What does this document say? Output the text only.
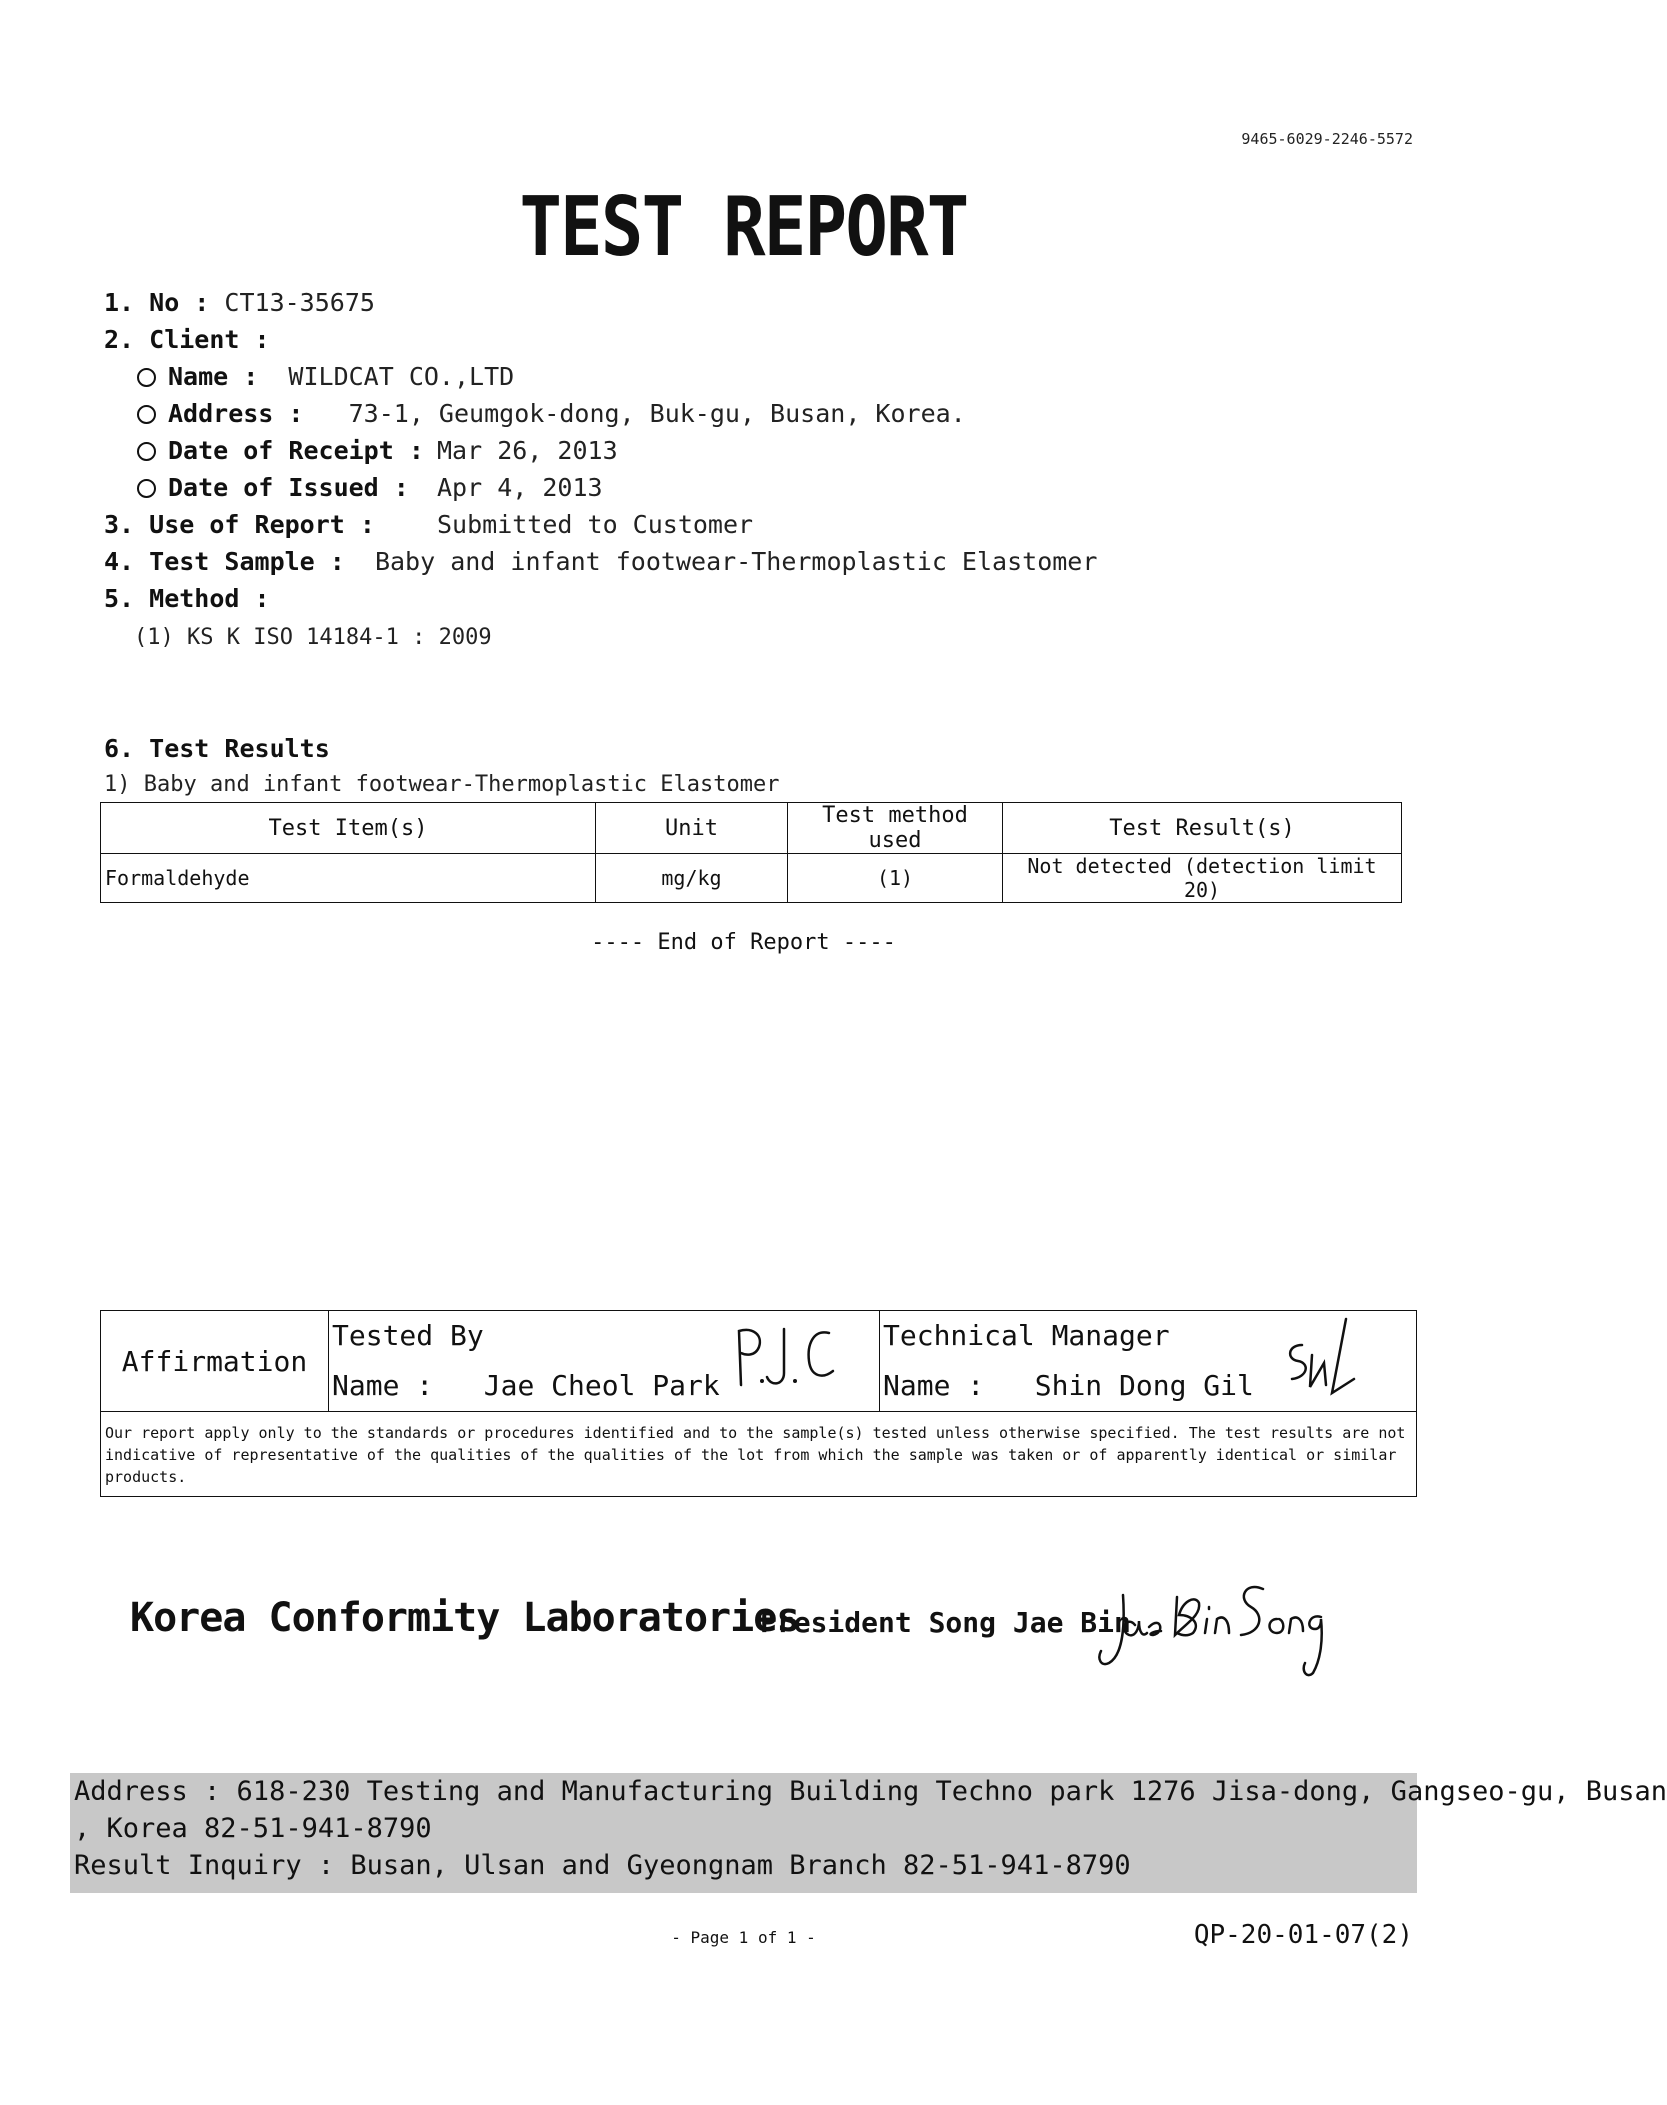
9465-6029-2246-5572
TEST REPORT
1. No : CT13-35675
2. Client :
Name : WILDCAT CO.,LTD
Address : 73-1, Geumgok-dong, Buk-gu, Busan, Korea.
Date of Receipt : Mar 26, 2013
Date of Issued : Apr 4, 2013
3. Use of Report : Submitted to Customer
4. Test Sample : Baby and infant footwear-Thermoplastic Elastomer
5. Method :
(1) KS K ISO 14184-1 : 2009
6. Test Results
1) Baby and infant footwear-Thermoplastic Elastomer
Test Item(s)	Unit	Test method used	Test Result(s)
Formaldehyde	mg/kg	(1)	Not detected (detection limit 20)
---- End of Report ----
Affirmation	
Tested By
Name : Jae Cheol Park

Technical Manager
Name : Shin Dong Gil

Our report apply only to the standards or procedures identified and to the sample(s) tested unless otherwise specified. The test results are not indicative of representative of the qualities of the qualities of the lot from which the sample was taken or of apparently identical or similar products.
Korea Conformity Laboratories
President Song Jae Bin
Address : 618-230 Testing and Manufacturing Building Techno park 1276 Jisa-dong, Gangseo-gu, Busan
, Korea 82-51-941-8790
Result Inquiry : Busan, Ulsan and Gyeongnam Branch 82-51-941-8790
- Page 1 of 1 -	QP-20-01-07(2)
